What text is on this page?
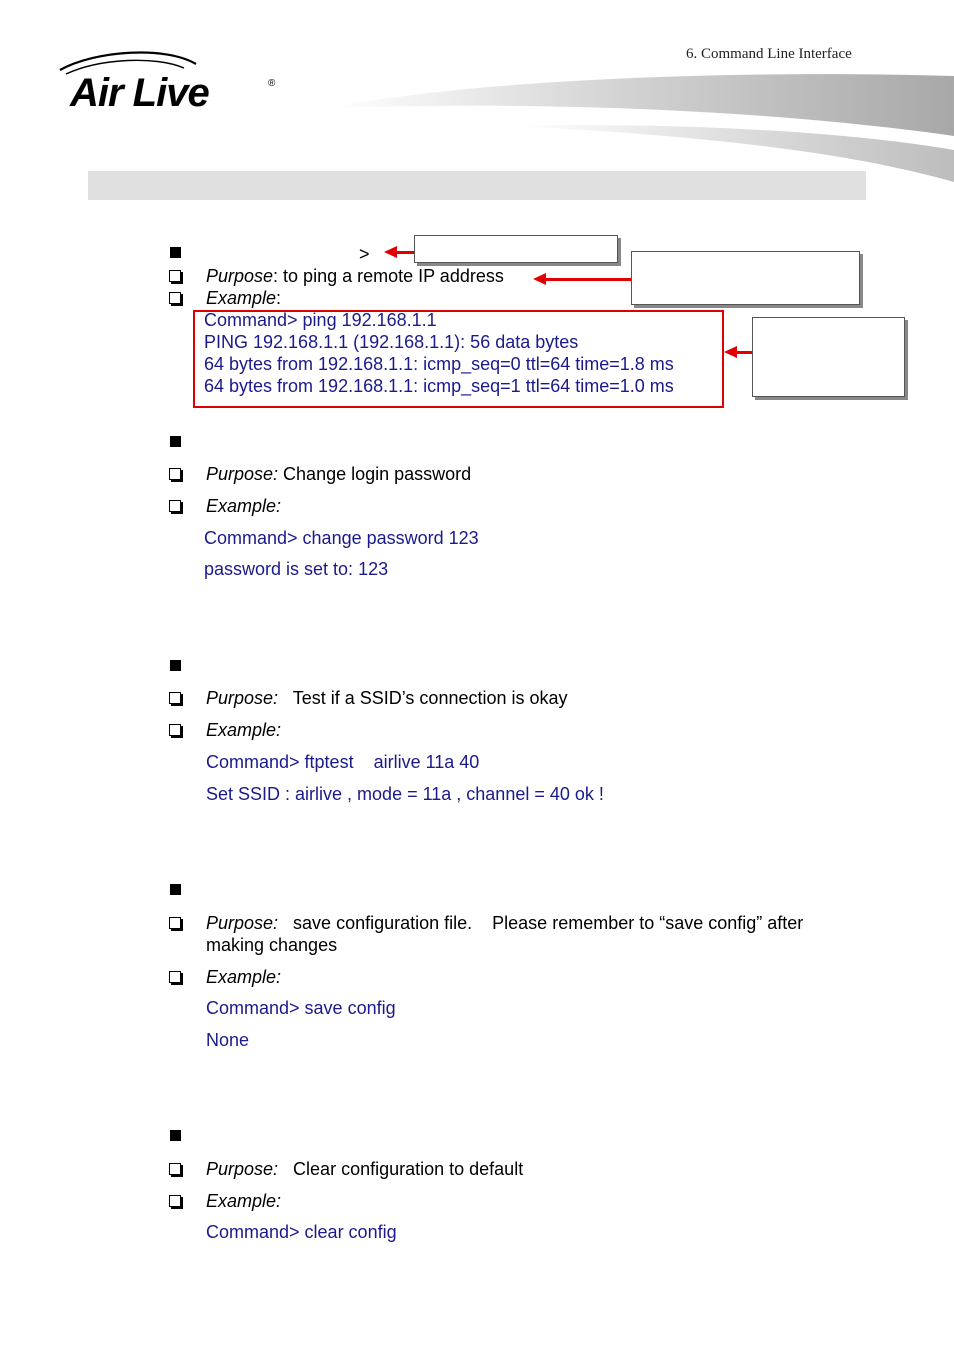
6. Command Line Interface
Air Live	®
>
Purpose: to ping a remote IP address
Example:
Command> ping 192.168.1.1
PING 192.168.1.1 (192.168.1.1): 56 data bytes
64 bytes from 192.168.1.1: icmp_seq=0 ttl=64 time=1.8 ms
64 bytes from 192.168.1.1: icmp_seq=1 ttl=64 time=1.0 ms
Purpose: Change login password
Example:
Command> change password 123
password is set to: 123
Purpose:   Test if a SSID’s connection is okay
Example:
Command> ftptest    airlive 11a 40
Set SSID : airlive , mode = 11a , channel = 40 ok !
Purpose:   save configuration file.    Please remember to “save config” after
making changes
Example:
Command> save config
None
Purpose:   Clear configuration to default
Example:
Command> clear config
